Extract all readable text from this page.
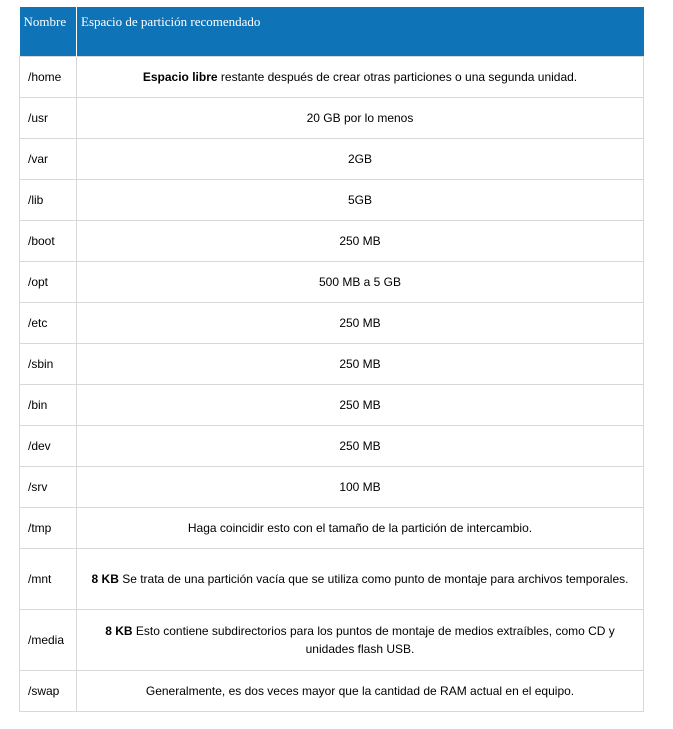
Nombre	Espacio de partición recomendado
/home	Espacio libre restante después de crear otras particiones o una segunda unidad.
/usr	20 GB por lo menos
/var	2GB
/lib	5GB
/boot	250 MB
/opt	500 MB a 5 GB
/etc	250 MB
/sbin	250 MB
/bin	250 MB
/dev	250 MB
/srv	100 MB
/tmp	Haga coincidir esto con el tamaño de la partición de intercambio.
/mnt	8 KB Se trata de una partición vacía que se utiliza como punto de montaje para archivos temporales.
/media	8 KB Esto contiene subdirectorios para los puntos de montaje de medios extraíbles, como CD y unidades flash USB.
/swap	Generalmente, es dos veces mayor que la cantidad de RAM actual en el equipo.
